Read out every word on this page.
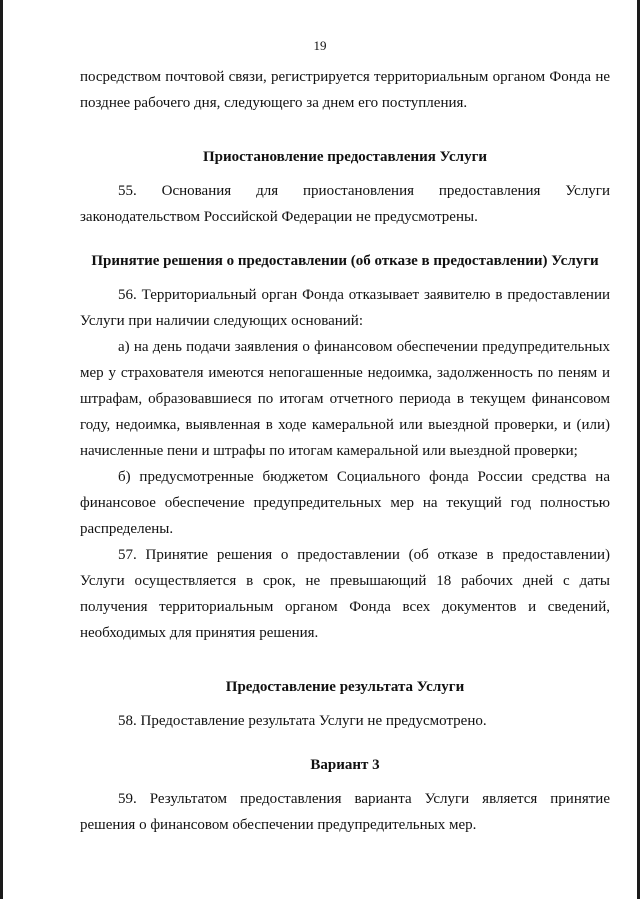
19

посредством почтовой связи, регистрируется территориальным органом Фонда не позднее рабочего дня, следующего за днем его поступления.

Приостановление предоставления Услуги

55. Основания для приостановления предоставления Услуги законодательством Российской Федерации не предусмотрены.

Принятие решения о предоставлении (об отказе в предоставлении) Услуги

56. Территориальный орган Фонда отказывает заявителю в предоставлении Услуги при наличии следующих оснований:

а) на день подачи заявления о финансовом обеспечении предупредительных мер у страхователя имеются непогашенные недоимка, задолженность по пеням и штрафам, образовавшиеся по итогам отчетного периода в текущем финансовом году, недоимка, выявленная в ходе камеральной или выездной проверки, и (или) начисленные пени и штрафы по итогам камеральной или выездной проверки;

б) предусмотренные бюджетом Социального фонда России средства на финансовое обеспечение предупредительных мер на текущий год полностью распределены.

57. Принятие решения о предоставлении (об отказе в предоставлении) Услуги осуществляется в срок, не превышающий 18 рабочих дней с даты получения территориальным органом Фонда всех документов и сведений, необходимых для принятия решения.

Предоставление результата Услуги

58. Предоставление результата Услуги не предусмотрено.

Вариант 3

59. Результатом предоставления варианта Услуги является принятие решения о финансовом обеспечении предупредительных мер.
